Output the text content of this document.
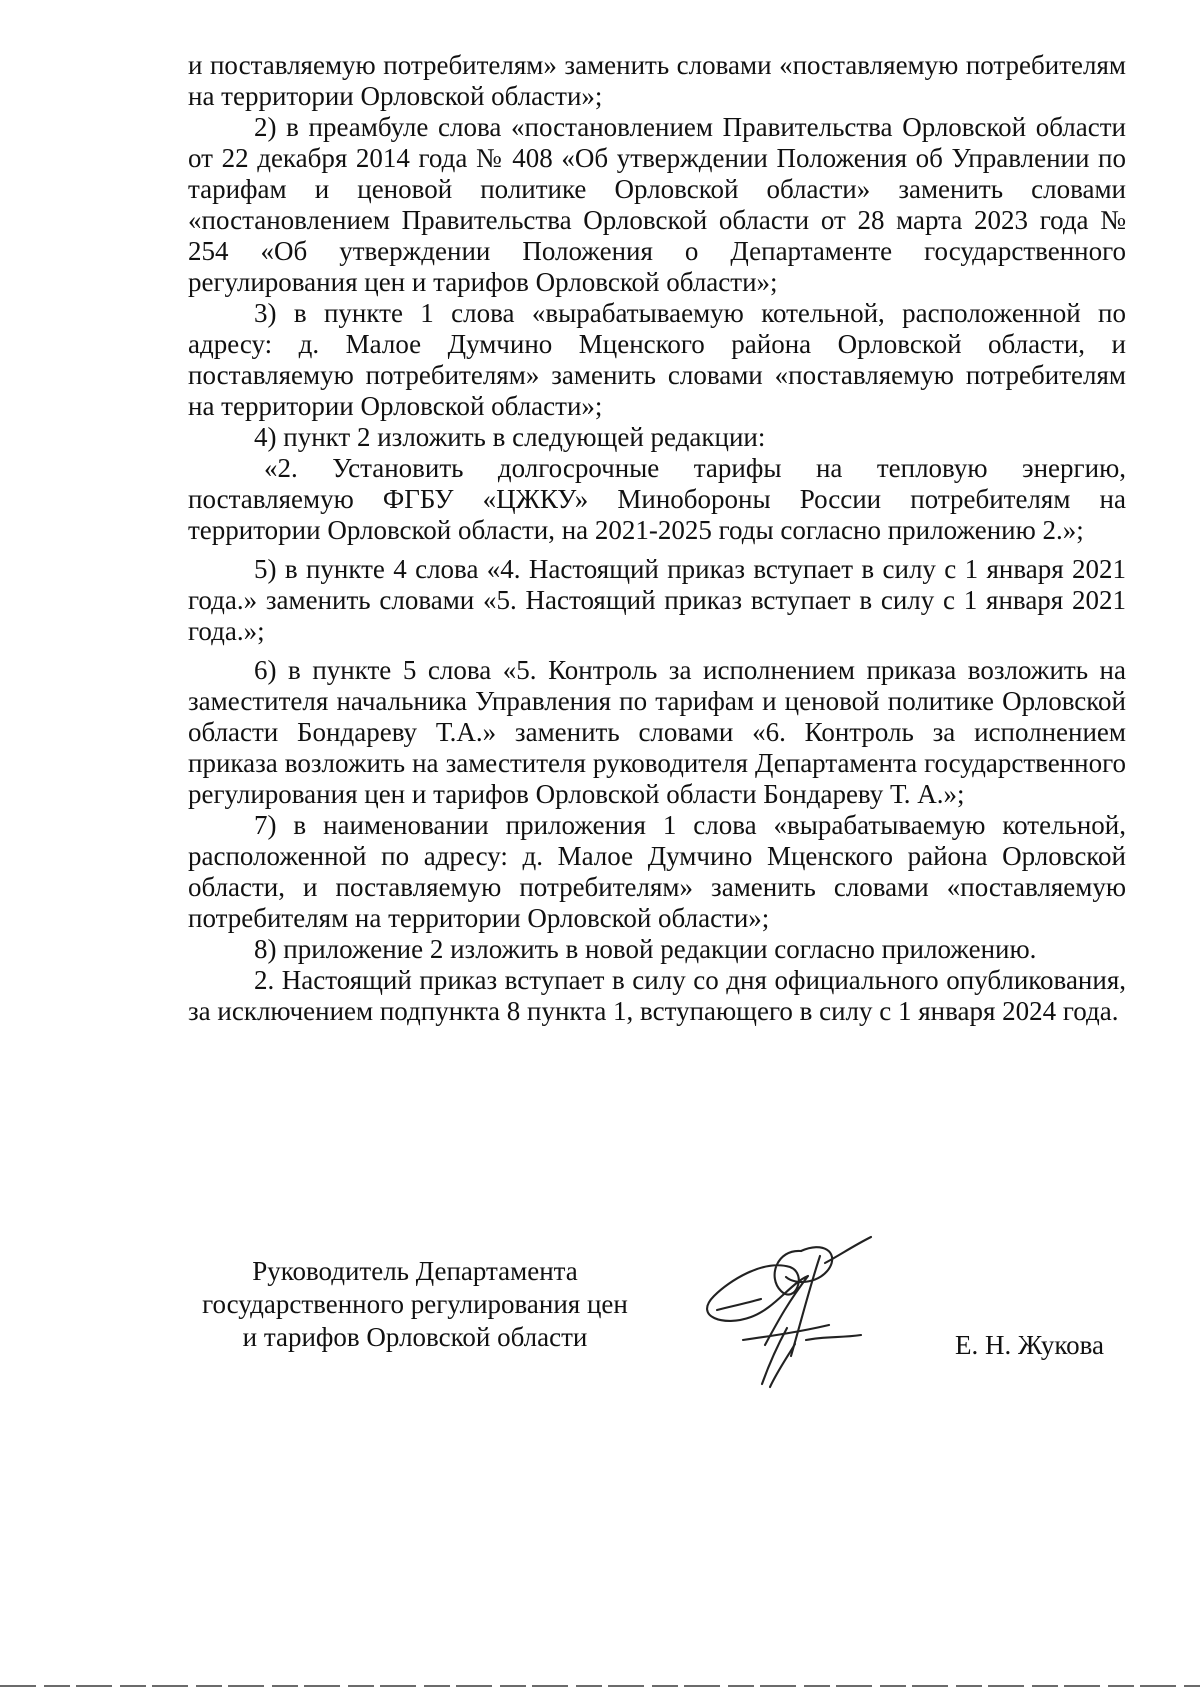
и поставляемую потребителям» заменить словами «поставляемую потребителям на территории Орловской области»;

2) в преамбуле слова «постановлением Правительства Орловской области от 22 декабря 2014 года № 408 «Об утверждении Положения об Управлении по тарифам и ценовой политике Орловской области» заменить словами «постановлением Правительства Орловской области от 28 марта 2023 года № 254 «Об утверждении Положения о Департаменте государственного регулирования цен и тарифов Орловской области»;

3) в пункте 1 слова «вырабатываемую котельной, расположенной по адресу: д. Малое Думчино Мценского района Орловской области, и поставляемую потребителям» заменить словами «поставляемую потребителям на территории Орловской области»;

4) пункт 2 изложить в следующей редакции:

«2. Установить долгосрочные тарифы на тепловую энергию, поставляемую ФГБУ «ЦЖКУ» Минобороны России потребителям на территории Орловской области, на 2021-2025 годы согласно приложению 2.»;

5) в пункте 4 слова «4. Настоящий приказ вступает в силу с 1 января 2021 года.» заменить словами «5. Настоящий приказ вступает в силу с 1 января 2021 года.»;

6) в пункте 5 слова «5. Контроль за исполнением приказа возложить на заместителя начальника Управления по тарифам и ценовой политике Орловской области Бондареву Т.А.» заменить словами «6. Контроль за исполнением приказа возложить на заместителя руководителя Департамента государственного регулирования цен и тарифов Орловской области Бондареву Т. А.»;

7) в наименовании приложения 1 слова «вырабатываемую котельной, расположенной по адресу: д. Малое Думчино Мценского района Орловской области, и поставляемую потребителям» заменить словами «поставляемую потребителям на территории Орловской области»;

8) приложение 2 изложить в новой редакции согласно приложению.

2. Настоящий приказ вступает в силу со дня официального опубликования, за исключением подпункта 8 пункта 1, вступающего в силу с 1 января 2024 года.

Руководитель Департамента
государственного регулирования цен
и тарифов Орловской области	Е. Н. Жукова
